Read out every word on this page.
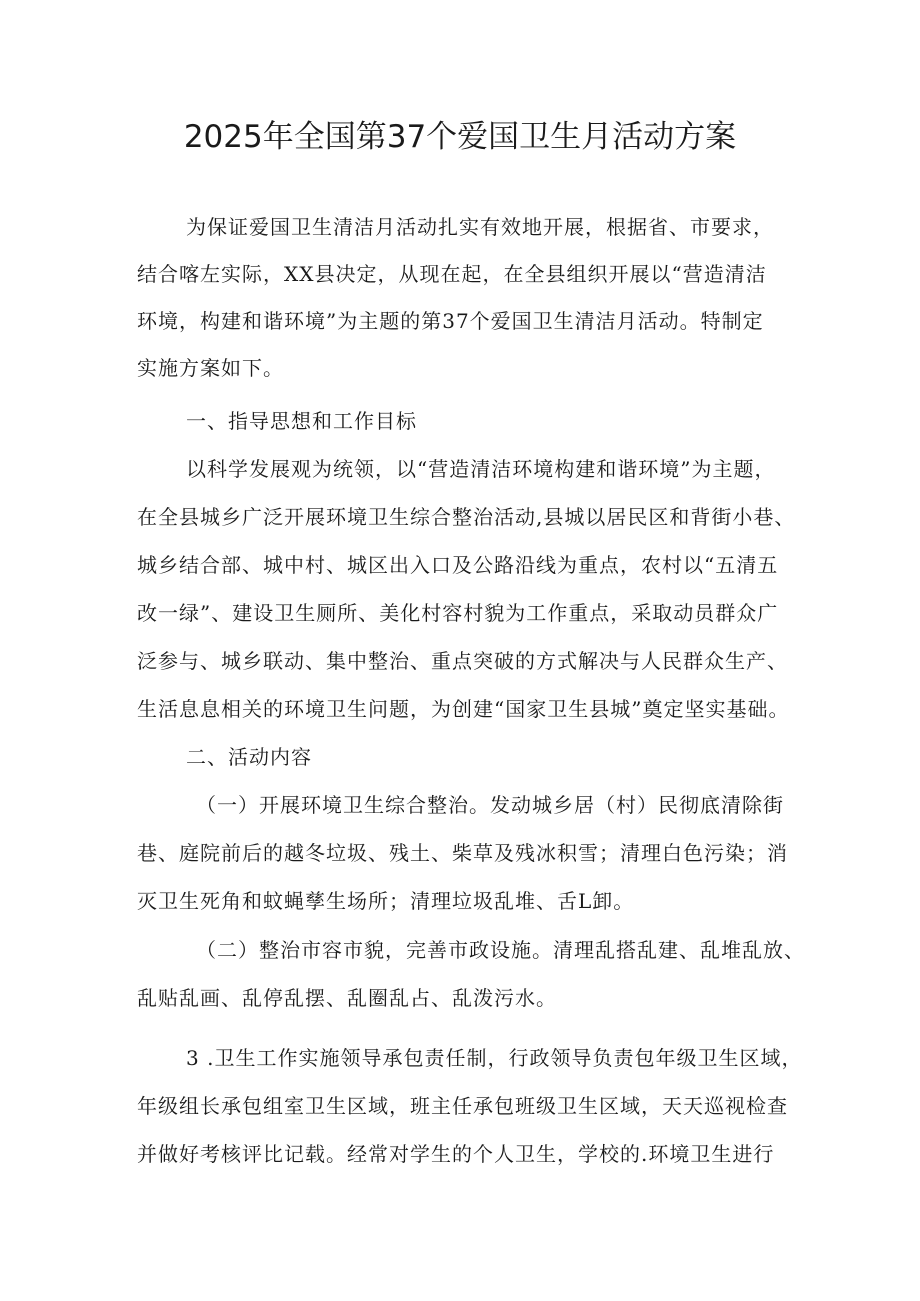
2025年全国第37个爱国卫生月活动方案
为保证爱国卫生清洁月活动扎实有效地开展，根据省、市要求，
结合喀左实际，XX县决定，从现在起，在全县组织开展以“营造清洁
环境，构建和谐环境”为主题的第37个爱国卫生清洁月活动。特制定
实施方案如下。
一、指导思想和工作目标
以科学发展观为统领，以“营造清洁环境构建和谐环境”为主题，
在全县城乡广泛开展环境卫生综合整治活动,县城以居民区和背街小巷、
城乡结合部、城中村、城区出入口及公路沿线为重点，农村以“五清五
改一绿”、建设卫生厕所、美化村容村貌为工作重点，采取动员群众广
泛参与、城乡联动、集中整治、重点突破的方式解决与人民群众生产、
生活息息相关的环境卫生问题，为创建“国家卫生县城”奠定坚实基础。
二、活动内容
（一）开展环境卫生综合整治。发动城乡居（村）民彻底清除街
巷、庭院前后的越冬垃圾、残土、柴草及残冰积雪；清理白色污染；消
灭卫生死角和蚊蝇孳生场所；清理垃圾乱堆、舌L卸。
（二）整治市容市貌，完善市政设施。清理乱搭乱建、乱堆乱放、
乱贴乱画、乱停乱摆、乱圈乱占、乱泼污水。
3 .卫生工作实施领导承包责任制，行政领导负责包年级卫生区域，
年级组长承包组室卫生区域，班主任承包班级卫生区域，天天巡视检查
并做好考核评比记载。经常对学生的个人卫生，学校的.环境卫生进行
